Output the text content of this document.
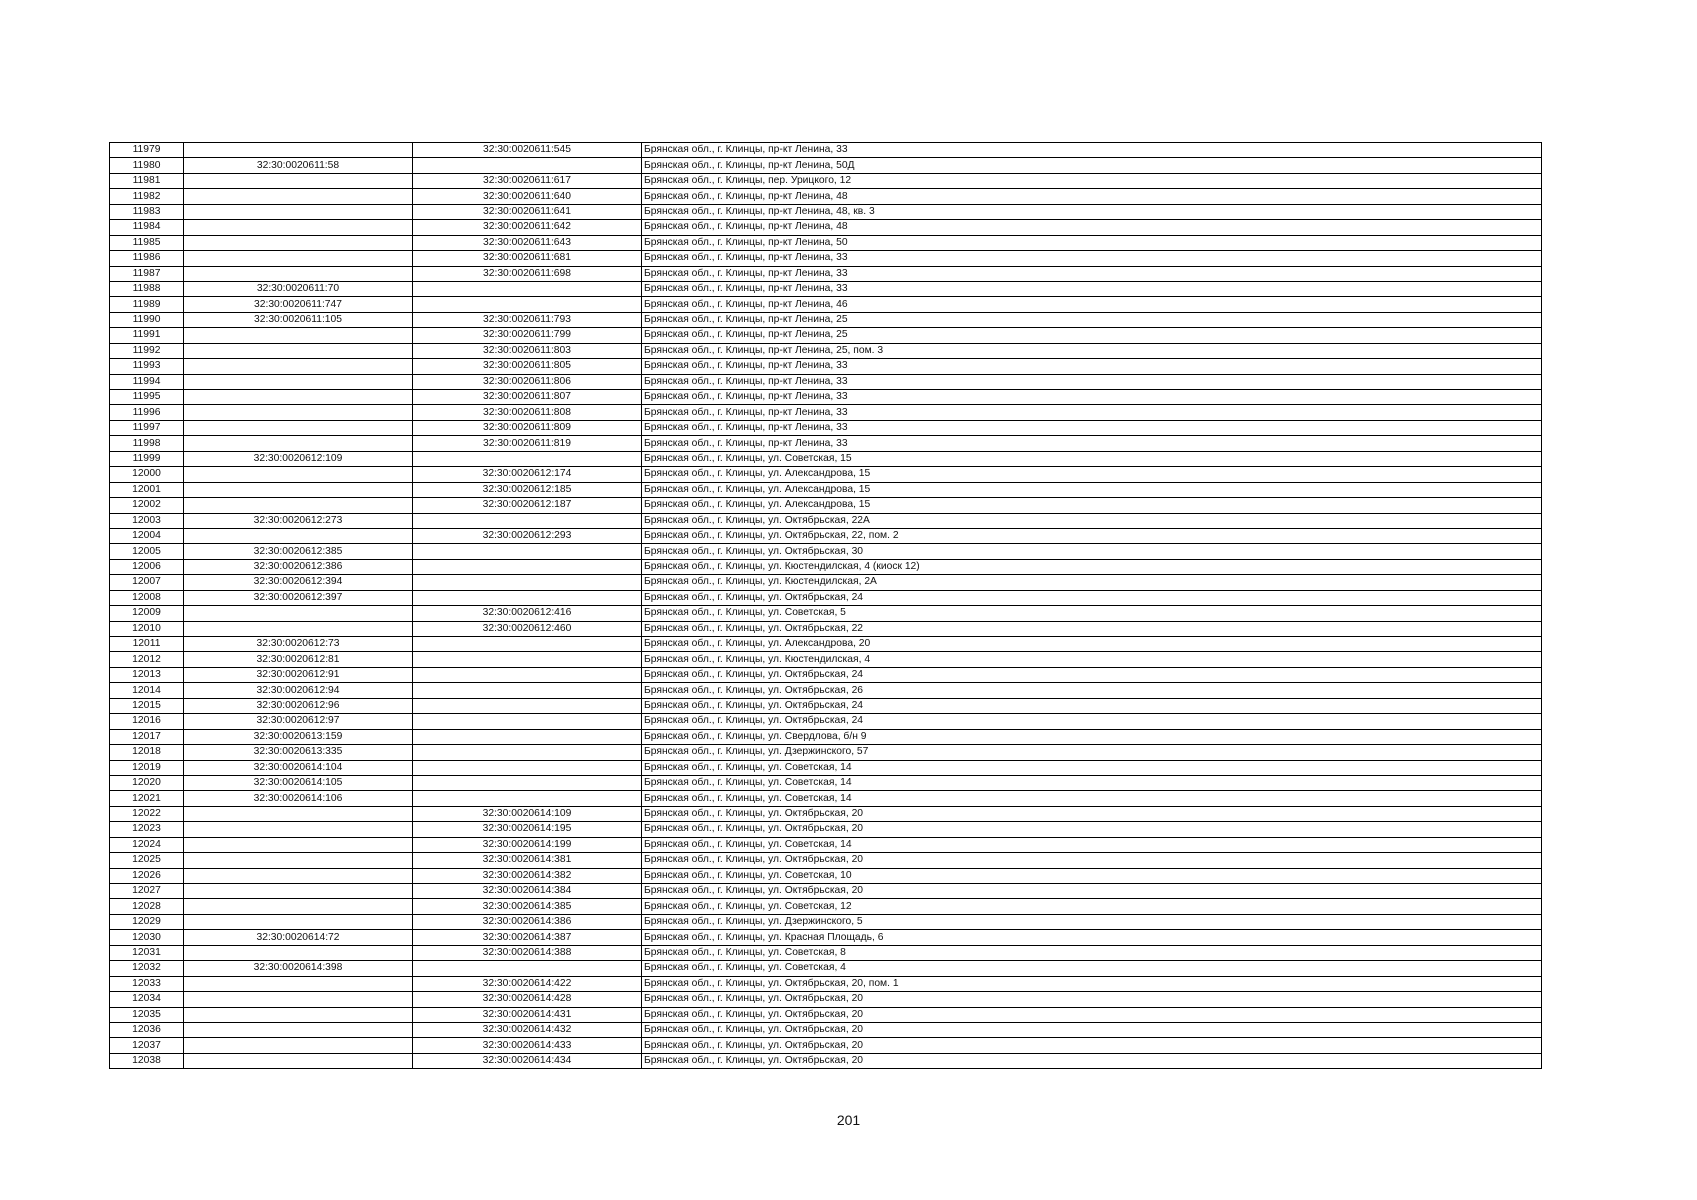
11979		32:30:0020611:545	Брянская обл., г. Клинцы, пр-кт Ленина, 33
11980	32:30:0020611:58		Брянская обл., г. Клинцы, пр-кт Ленина, 50Д
11981		32:30:0020611:617	Брянская обл., г. Клинцы, пер. Урицкого, 12
11982		32:30:0020611:640	Брянская обл., г. Клинцы, пр-кт Ленина, 48
11983		32:30:0020611:641	Брянская обл., г. Клинцы, пр-кт Ленина, 48, кв. 3
11984		32:30:0020611:642	Брянская обл., г. Клинцы, пр-кт Ленина, 48
11985		32:30:0020611:643	Брянская обл., г. Клинцы, пр-кт Ленина, 50
11986		32:30:0020611:681	Брянская обл., г. Клинцы, пр-кт Ленина, 33
11987		32:30:0020611:698	Брянская обл., г. Клинцы, пр-кт Ленина, 33
11988	32:30:0020611:70		Брянская обл., г. Клинцы, пр-кт Ленина, 33
11989	32:30:0020611:747		Брянская обл., г. Клинцы, пр-кт Ленина, 46
11990	32:30:0020611:105	32:30:0020611:793	Брянская обл., г. Клинцы, пр-кт Ленина, 25
11991		32:30:0020611:799	Брянская обл., г. Клинцы, пр-кт Ленина, 25
11992		32:30:0020611:803	Брянская обл., г. Клинцы, пр-кт Ленина, 25, пом. 3
11993		32:30:0020611:805	Брянская обл., г. Клинцы, пр-кт Ленина, 33
11994		32:30:0020611:806	Брянская обл., г. Клинцы, пр-кт Ленина, 33
11995		32:30:0020611:807	Брянская обл., г. Клинцы, пр-кт Ленина, 33
11996		32:30:0020611:808	Брянская обл., г. Клинцы, пр-кт Ленина, 33
11997		32:30:0020611:809	Брянская обл., г. Клинцы, пр-кт Ленина, 33
11998		32:30:0020611:819	Брянская обл., г. Клинцы, пр-кт Ленина, 33
11999	32:30:0020612:109		Брянская обл., г. Клинцы, ул. Советская, 15
12000		32:30:0020612:174	Брянская обл., г. Клинцы, ул. Александрова, 15
12001		32:30:0020612:185	Брянская обл., г. Клинцы, ул. Александрова, 15
12002		32:30:0020612:187	Брянская обл., г. Клинцы, ул. Александрова, 15
12003	32:30:0020612:273		Брянская обл., г. Клинцы, ул. Октябрьская, 22А
12004		32:30:0020612:293	Брянская обл., г. Клинцы, ул. Октябрьская, 22, пом. 2
12005	32:30:0020612:385		Брянская обл., г. Клинцы, ул. Октябрьская, 30
12006	32:30:0020612:386		Брянская обл., г. Клинцы, ул. Кюстендилская, 4 (киоск 12)
12007	32:30:0020612:394		Брянская обл., г. Клинцы, ул. Кюстендилская, 2А
12008	32:30:0020612:397		Брянская обл., г. Клинцы, ул. Октябрьская, 24
12009		32:30:0020612:416	Брянская обл., г. Клинцы, ул. Советская, 5
12010		32:30:0020612:460	Брянская обл., г. Клинцы, ул. Октябрьская, 22
12011	32:30:0020612:73		Брянская обл., г. Клинцы, ул. Александрова, 20
12012	32:30:0020612:81		Брянская обл., г. Клинцы, ул. Кюстендилская, 4
12013	32:30:0020612:91		Брянская обл., г. Клинцы, ул. Октябрьская, 24
12014	32:30:0020612:94		Брянская обл., г. Клинцы, ул. Октябрьская, 26
12015	32:30:0020612:96		Брянская обл., г. Клинцы, ул. Октябрьская, 24
12016	32:30:0020612:97		Брянская обл., г. Клинцы, ул. Октябрьская, 24
12017	32:30:0020613:159		Брянская обл., г. Клинцы, ул. Свердлова, б/н 9
12018	32:30:0020613:335		Брянская обл., г. Клинцы, ул. Дзержинского, 57
12019	32:30:0020614:104		Брянская обл., г. Клинцы, ул. Советская, 14
12020	32:30:0020614:105		Брянская обл., г. Клинцы, ул. Советская, 14
12021	32:30:0020614:106		Брянская обл., г. Клинцы, ул. Советская, 14
12022		32:30:0020614:109	Брянская обл., г. Клинцы, ул. Октябрьская, 20
12023		32:30:0020614:195	Брянская обл., г. Клинцы, ул. Октябрьская, 20
12024		32:30:0020614:199	Брянская обл., г. Клинцы, ул. Советская, 14
12025		32:30:0020614:381	Брянская обл., г. Клинцы, ул. Октябрьская, 20
12026		32:30:0020614:382	Брянская обл., г. Клинцы, ул. Советская, 10
12027		32:30:0020614:384	Брянская обл., г. Клинцы, ул. Октябрьская, 20
12028		32:30:0020614:385	Брянская обл., г. Клинцы, ул. Советская, 12
12029		32:30:0020614:386	Брянская обл., г. Клинцы, ул. Дзержинского, 5
12030	32:30:0020614:72	32:30:0020614:387	Брянская обл., г. Клинцы, ул. Красная Площадь, 6
12031		32:30:0020614:388	Брянская обл., г. Клинцы, ул. Советская, 8
12032	32:30:0020614:398		Брянская обл., г. Клинцы, ул. Советская, 4
12033		32:30:0020614:422	Брянская обл., г. Клинцы, ул. Октябрьская, 20, пом. 1
12034		32:30:0020614:428	Брянская обл., г. Клинцы, ул. Октябрьская, 20
12035		32:30:0020614:431	Брянская обл., г. Клинцы, ул. Октябрьская, 20
12036		32:30:0020614:432	Брянская обл., г. Клинцы, ул. Октябрьская, 20
12037		32:30:0020614:433	Брянская обл., г. Клинцы, ул. Октябрьская, 20
12038		32:30:0020614:434	Брянская обл., г. Клинцы, ул. Октябрьская, 20
201
